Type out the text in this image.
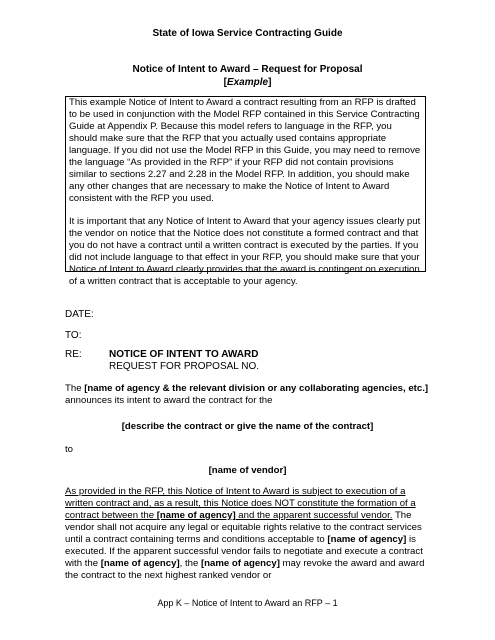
State of Iowa Service Contracting Guide
Notice of Intent to Award – Request for Proposal
[Example]

This example Notice of Intent to Award a contract resulting from an RFP is drafted to be used in conjunction with the Model RFP contained in this Service Contracting Guide at Appendix P. Because this model refers to language in the RFP, you should make sure that the RFP that you actually used contains appropriate language. If you did not use the Model RFP in this Guide, you may need to remove the language “As provided in the RFP” if your RFP did not contain provisions similar to sections 2.27 and 2.28 in the Model RFP. In addition, you should make any other changes that are necessary to make the Notice of Intent to Award consistent with the RFP you used.

It is important that any Notice of Intent to Award that your agency issues clearly put the vendor on notice that the Notice does not constitute a formed contract and that you do not have a contract until a written contract is executed by the parties. If you did not include language to that effect in your RFP, you should make sure that your Notice of Intent to Award clearly provides that the award is contingent on execution of a written contract that is acceptable to your agency.

DATE:
TO:
RE:	NOTICE OF INTENT TO AWARD
REQUEST FOR PROPOSAL NO.
The [name of agency & the relevant division or any collaborating agencies, etc.] announces its intent to award the contract for the
[describe the contract or give the name of the contract]
to
[name of vendor]
As provided in the RFP, this Notice of Intent to Award is subject to execution of a written contract and, as a result, this Notice does NOT constitute the formation of a contract between the [name of agency] and the apparent successful vendor. The vendor shall not acquire any legal or equitable rights relative to the contract services until a contract containing terms and conditions acceptable to [name of agency] is executed. If the apparent successful vendor fails to negotiate and execute a contract with the [name of agency], the [name of agency] may revoke the award and award the contract to the next highest ranked vendor or
App K – Notice of Intent to Award an RFP – 1
